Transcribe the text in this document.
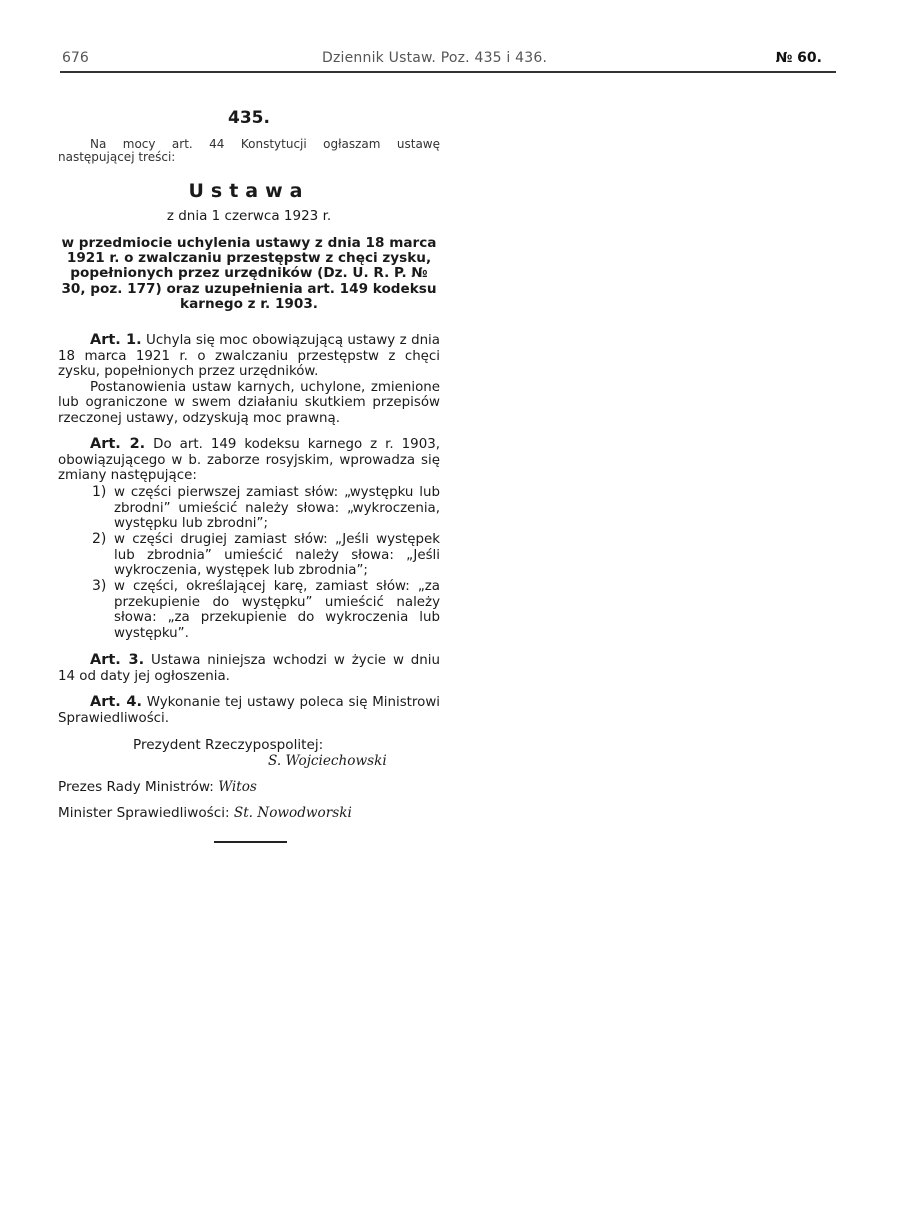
676	Dziennik Ustaw. Poz. 435 i 436.	№ 60.
435.
Na mocy art. 44 Konstytucji ogłaszam ustawę następującej treści:
Ustawa
z dnia 1 czerwca 1923 r.
w przedmiocie uchylenia ustawy z dnia 18 marca 1921 r. o zwalczaniu przestępstw z chęci zysku, popełnionych przez urzędników (Dz. U. R. P. № 30, poz. 177) oraz uzupełnienia art. 149 kodeksu karnego z r. 1903.
Art. 1. Uchyla się moc obowiązującą ustawy z dnia 18 marca 1921 r. o zwalczaniu przestępstw z chęci zysku, popełnionych przez urzędników.
Postanowienia ustaw karnych, uchylone, zmienione lub ograniczone w swem działaniu skutkiem przepisów rzeczonej ustawy, odzyskują moc prawną.
Art. 2. Do art. 149 kodeksu karnego z r. 1903, obowiązującego w b. zaborze rosyjskim, wprowadza się zmiany następujące:
1) w części pierwszej zamiast słów: „występku lub zbrodni” umieścić należy słowa: „wykroczenia, występku lub zbrodni”;
2) w części drugiej zamiast słów: „Jeśli występek lub zbrodnia” umieścić należy słowa: „Jeśli wykroczenia, występek lub zbrodnia”;
3) w części, określającej karę, zamiast słów: „za przekupienie do występku” umieścić należy słowa: „za przekupienie do wykroczenia lub występku”.
Art. 3. Ustawa niniejsza wchodzi w życie w dniu 14 od daty jej ogłoszenia.
Art. 4. Wykonanie tej ustawy poleca się Ministrowi Sprawiedliwości.
Prezydent Rzeczypospolitej:
S. Wojciechowski
Prezes Rady Ministrów: Witos
Minister Sprawiedliwości: St. Nowodworski
